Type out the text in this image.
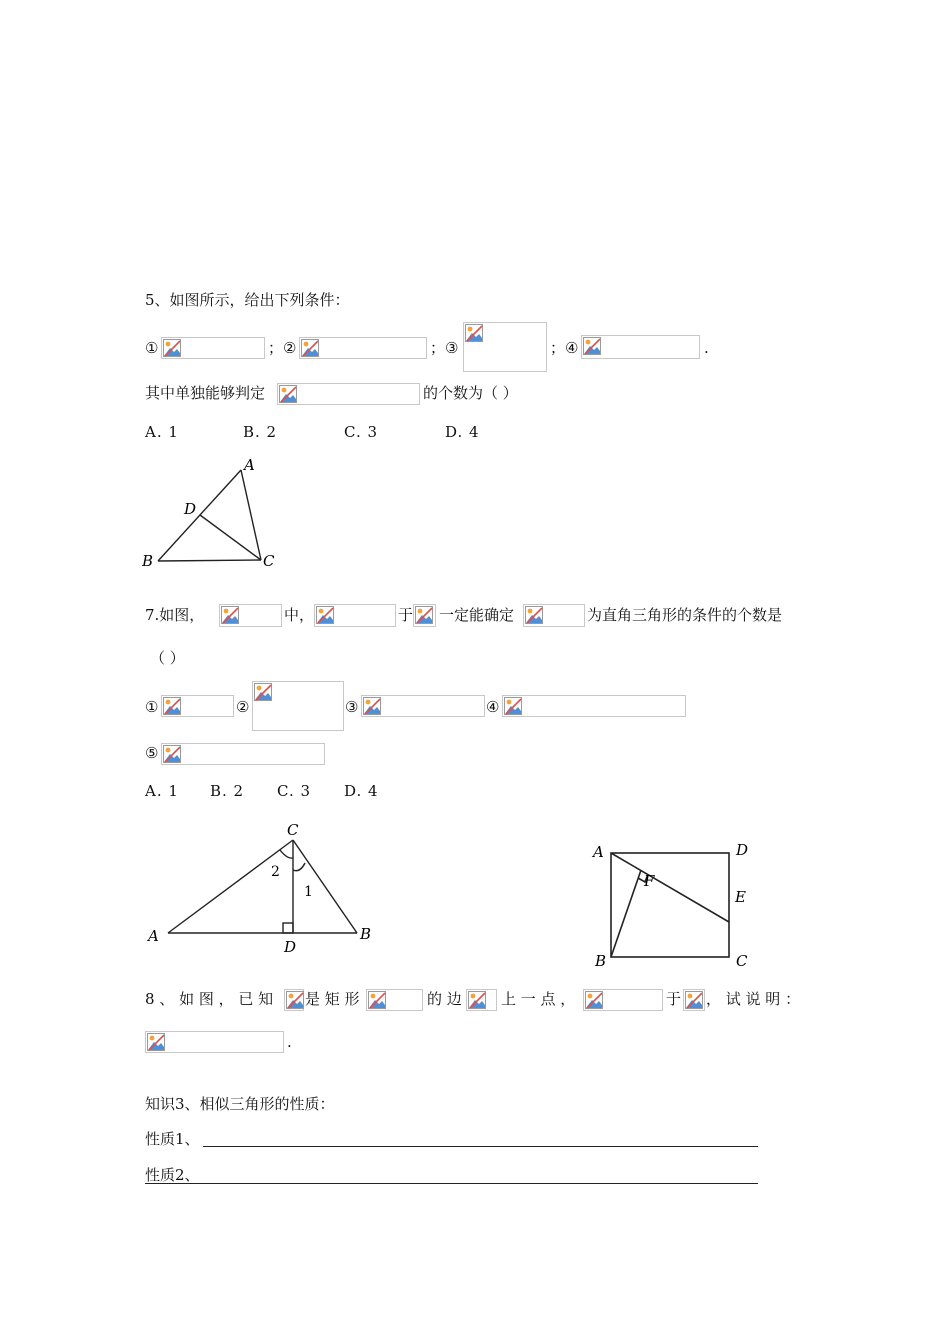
5、如图所示，给出下列条件：
①	； ②	； ③	； ④	.
其中单独能够判定	的个数为（ ）
A. 1	B. 2	C. 3	D. 4
A
D
B	C
7.如图，	中，	于 一定能确定	为直角三角形的条件的个数是
（ ）
①	②	③	④
⑤
A. 1 B. 2 C. 3 D. 4
C
A
D
B
2
1
A	D
F
E
B	C
8 、 如 图 ， 已 知 是 矩 形	的 边	上 一 点 ，	于 ， 试 说 明 ：
.
知识3、相似三角形的性质：
性质1、
性质2、
